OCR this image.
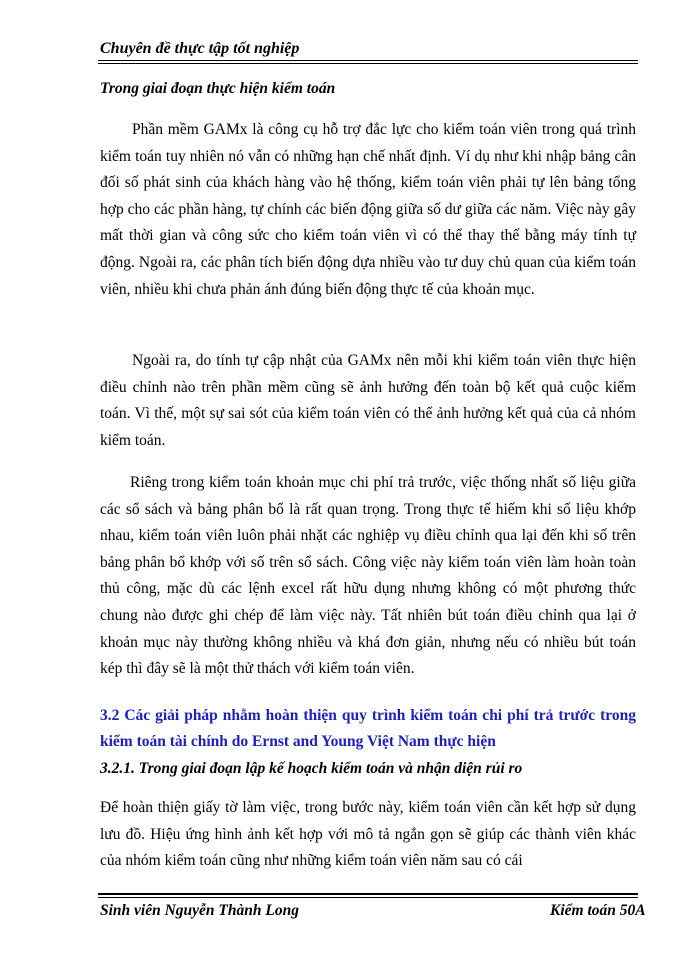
Chuyên đề thực tập tốt nghiệp
Trong giai đoạn thực hiện kiểm toán

Phần mềm GAMx là công cụ hỗ trợ đắc lực cho kiểm toán viên trong quá trình kiểm toán tuy nhiên nó vẫn có những hạn chế nhất định. Ví dụ như khi nhập bảng cân đối số phát sinh của khách hàng vào hệ thống, kiểm toán viên phải tự lên bảng tổng hợp cho các phần hàng, tự chính các biến động giữa số dư giữa các năm. Việc này gây mất thời gian và công sức cho kiểm toán viên vì có thể thay thế bằng máy tính tự động. Ngoài ra, các phân tích biến động dựa nhiều vào tư duy chủ quan của kiểm toán viên, nhiều khi chưa phản ánh đúng biến động thực tế của khoản mục.

Ngoài ra, do tính tự cập nhật của GAMx nên mỗi khi kiểm toán viên thực hiện điều chỉnh nào trên phần mềm cũng sẽ ảnh hưởng đến toàn bộ kết quả cuộc kiểm toán. Vì thế, một sự sai sót của kiểm toán viên có thể ảnh hưởng kết quả của cả nhóm kiểm toán.

Riêng trong kiểm toán khoản mục chi phí trả trước, việc thống nhất số liệu giữa các sổ sách và bảng phân bổ là rất quan trọng. Trong thực tế hiếm khi số liệu khớp nhau, kiểm toán viên luôn phải nhặt các nghiệp vụ điều chỉnh qua lại đến khi số trên bảng phân bổ khớp với số trên sổ sách. Công việc này kiểm toán viên làm hoàn toàn thủ công, mặc dù các lệnh excel rất hữu dụng nhưng không có một phương thức chung nào được ghi chép để làm việc này. Tất nhiên bút toán điều chỉnh qua lại ở khoản mục này thường không nhiều và khá đơn giản, nhưng nếu có nhiều bút toán kép thì đây sẽ là một thử thách với kiểm toán viên.

3.2 Các giải pháp nhằm hoàn thiện quy trình kiểm toán chi phí trả trước trong kiểm toán tài chính do Ernst and Young Việt Nam thực hiện

3.2.1. Trong giai đoạn lập kế hoạch kiểm toán và nhận diện rủi ro

Để hoàn thiện giấy tờ làm việc, trong bước này, kiểm toán viên cần kết hợp sử dụng lưu đồ. Hiệu ứng hình ảnh kết hợp với mô tả ngắn gọn sẽ giúp các thành viên khác của nhóm kiểm toán cũng như những kiểm toán viên năm sau có cái

Sinh viên Nguyễn Thành Long	Kiểm toán 50A
